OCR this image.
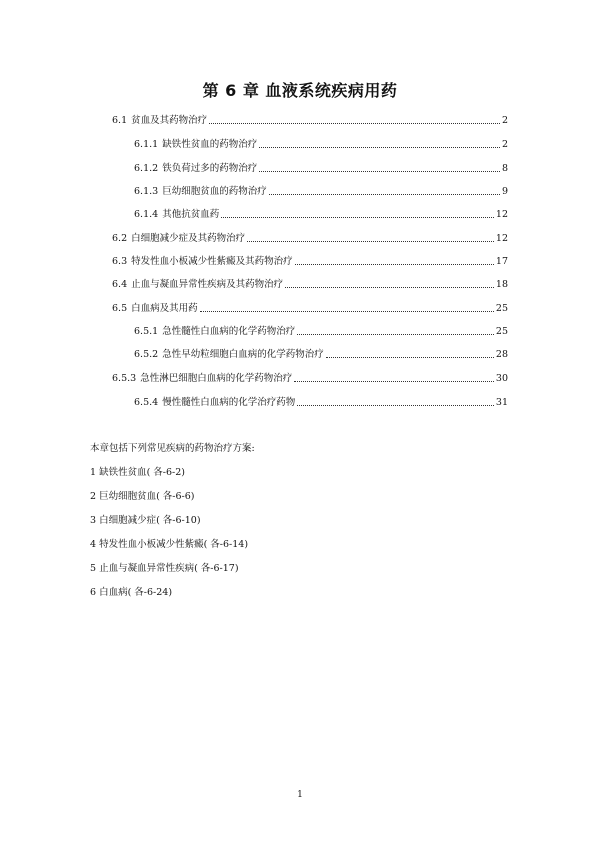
第 6 章 血液系统疾病用药
6.1 贫血及其药物治疗	2
6.1.1 缺铁性贫血的药物治疗	2
6.1.2 铁负荷过多的药物治疗	8
6.1.3 巨幼细胞贫血的药物治疗	9
6.1.4 其他抗贫血药	12
6.2 白细胞减少症及其药物治疗	12
6.3 特发性血小板减少性紫癜及其药物治疗	17
6.4 止血与凝血异常性疾病及其药物治疗	18
6.5 白血病及其用药	25
6.5.1 急性髓性白血病的化学药物治疗	25
6.5.2 急性早幼粒细胞白血病的化学药物治疗	28
6.5.3 急性淋巴细胞白血病的化学药物治疗	30
6.5.4 慢性髓性白血病的化学治疗药物	31
本章包括下列常见疾病的药物治疗方案:
1 缺铁性贫血( 各-6-2)
2 巨幼细胞贫血( 各-6-6)
3 白细胞减少症( 各-6-10)
4 特发性血小板减少性紫癜( 各-6-14)
5 止血与凝血异常性疾病( 各-6-17)
6 白血病( 各-6-24)
1
